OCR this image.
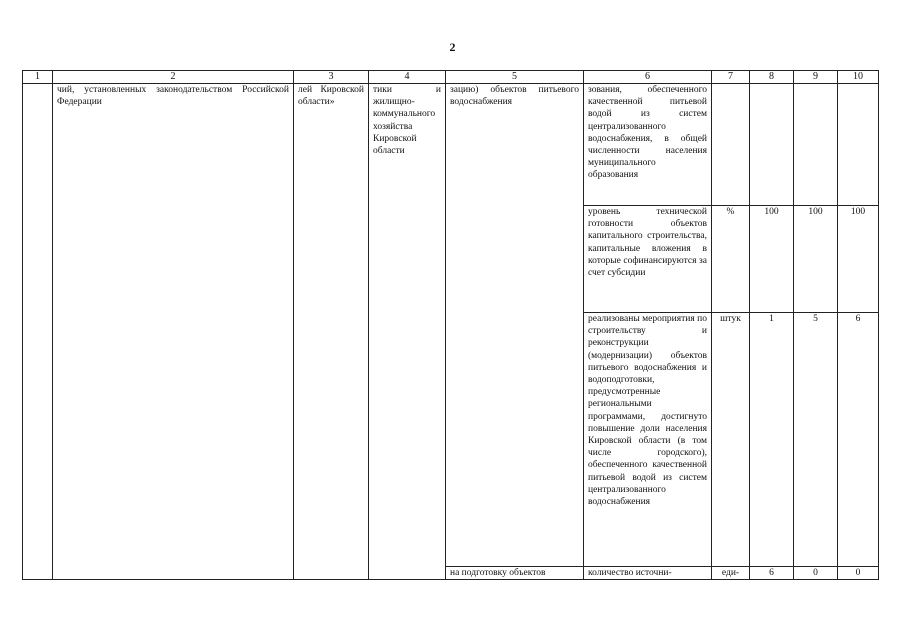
2
1	2	3	4	5	6	7	8	9	10
	чий, установленных законодательством Российской Федерации	лей Кировской области»	тики и жилищно-коммунального хозяйства Кировской области	зацию) объектов питьевого водоснабжения	зования, обеспеченного качественной питьевой водой из систем централизованного водоснабжения, в общей численности населения муниципального образования				
					уровень технической готовности объектов капитального строительства, капитальные вложения в которые софинансируются за счет субсидии	%	100	100	100
					реализованы мероприятия по строительству и реконструкции (модернизации) объектов питьевого водоснабжения и водоподготовки, предусмотренные региональными программами, достигнуто повышение доли населения Кировской области (в том числе городского), обеспеченного качественной питьевой водой из систем централизованного водоснабжения	штук	1	5	6
				на подготовку объектов	количество источни-	еди-	6	0	0
